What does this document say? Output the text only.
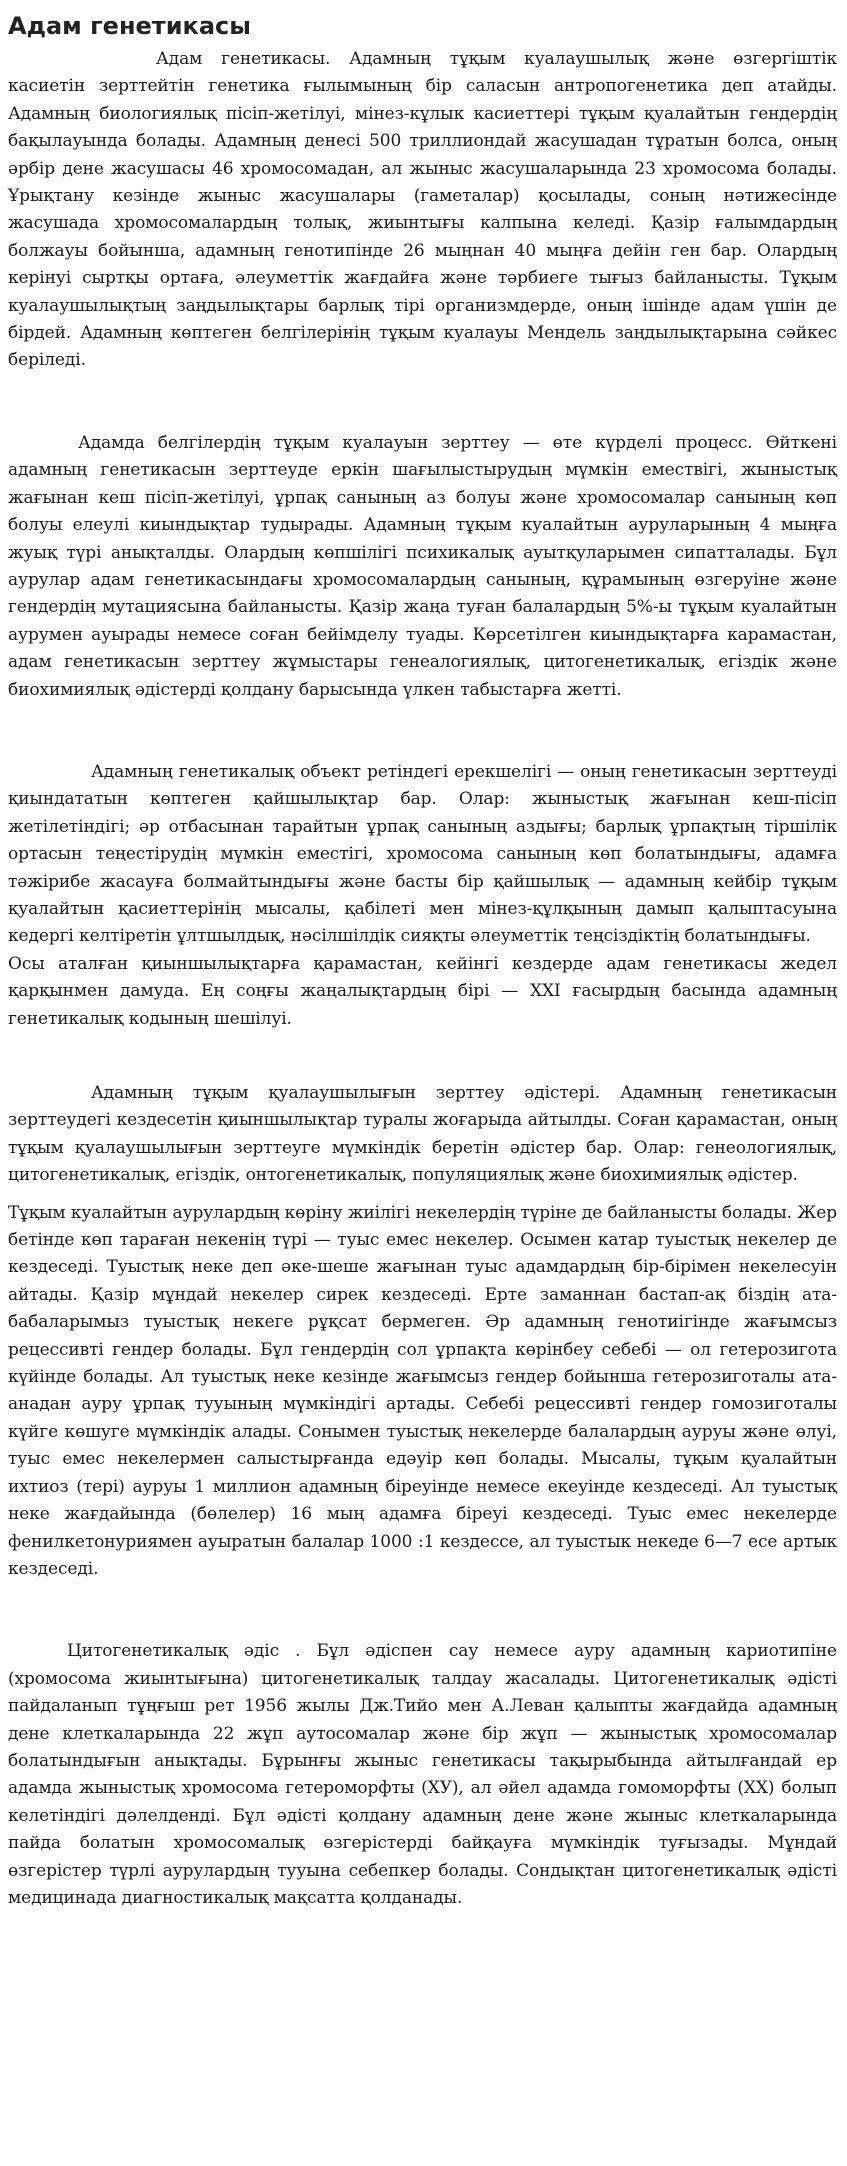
Адам генетикасы

Адам генетикасы. Адамның тұқым куалаушылық және өзгергіштік касиетін зерттейтін генетика ғылымының бір саласын антропогенетика деп атайды. Адамның биологиялық пісіп-жетілуі, мінез-кұлык касиеттері тұқым қуалайтын гендердің бақылауында болады. Адамның денесі 500 триллиондай жасушадан тұратын болса, оның әрбір дене жасушасы 46 хромосомадан, ал жыныс жасушаларында 23 хромосома болады. Ұрықтану кезінде жыныс жасушалары (гаметалар) қосылады, соның нәтижесінде жасушада хромосомалардың толық, жиынтығы калпына келеді. Қазір ғалымдардың болжауы бойынша, адамның генотипінде 26 мыңнан 40 мыңға дейін ген бар. Олардың керінуі сыртқы ортаға, әлеуметтік жағдайға және тәрбиеге тығыз байланысты. Тұқым куалаушылықтың заңдылықтары барлық тірі организмдерде, оның ішінде адам үшін де бірдей. Адамның көптеген белгілерінің тұқым куалауы Мендель заңдылықтарына сәйкес беріледі.

Адамда белгілердің тұқым куалауын зерттеу — өте күрделі процесс. Өйткені адамның генетикасын зерттеуде еркін шағылыстырудың мүмкін емествігі, жыныстық жағынан кеш пісіп-жетілуі, ұрпақ санының аз болуы және хромосомалар санының көп болуы елеулі киындықтар тудырады. Адамның тұқым куалайтын ауруларының 4 мыңға жуық түрі анықталды. Олардың көпшілігі психикалық ауытқуларымен сипатталады. Бұл аурулар адам генетикасындағы хромосомалардың санының, құрамының өзгеруіне және гендердің мутациясына байланысты. Қазір жаңа туған балалардың 5%-ы тұқым куалайтын аурумен ауырады немесе соған бейімделу туады. Көрсетілген киындықтарға карамастан, адам генетикасын зерттеу жұмыстары генеалогиялық, цитогенетикалық, егіздік және биохимиялық әдістерді қолдану барысында үлкен табыстарға жетті.

Адамның генетикалық объект ретіндегі ерекшелігі — оның генетикасын зерттеуді қиындататын көптеген қайшылықтар бар. Олар: жыныстық жағынан кеш-пісіп жетілетіндігі; әр отбасынан тарайтын ұрпақ санының аздығы; барлық ұрпақтың тіршілік ортасын теңестірудің мүмкін еместігі, хромосома санының көп болатындығы, адамға тәжірибе жасауға болмайтындығы және басты бір қайшылық — адамның кейбір тұқым қуалайтын қасиеттерінің мысалы, қабілеті мен мінез-құлқының дамып қалыптасуына кедергі келтіретін ұлтшылдық, нәсілшілдік сияқты әлеуметтік теңсіздіктің болатындығы.

Осы аталған қиыншылықтарға қарамастан, кейінгі кездерде адам генетикасы жедел қарқынмен дамуда. Ең соңғы жаңалықтардың бірі — XXI ғасырдың басында адамның генетикалық кодының шешілуі.

Адамның тұқым қуалаушылығын зерттеу әдістері. Адамның генетикасын зерттеудегі кездесетін қиыншылықтар туралы жоғарыда айтылды. Соған қарамастан, оның тұқым қуалаушылығын зерттеуге мүмкіндік беретін әдістер бар. Олар: генеологиялық, цитогенетикалық, егіздік, онтогенетикалық, популяциялық және биохимиялық әдістер.

Тұқым куалайтын аурулардың көріну жиілігі некелердің түріне де байланысты болады. Жер бетінде көп тараған некенің түрі — туыс емес некелер. Осымен катар туыстық некелер де кездеседі. Туыстық неке деп әке-шеше жағынан туыс адамдардың бір-бірімен некелесуін айтады. Қазір мұндай некелер сирек кездеседі. Ерте заманнан бастап-ақ біздің ата-бабаларымыз туыстық некеге рұқсат бермеген. Әр адамның генотиігінде жағымсыз рецессивті гендер болады. Бұл гендердің сол ұрпақта көрінбеу себебі — ол гетерозигота күйінде болады. Ал туыстық неке кезінде жағымсыз гендер бойынша гетерозиготалы ата-анадан ауру ұрпақ тууының мүмкіндігі артады. Себебі рецессивті гендер гомозиготалы күйге көшуге мүмкіндік алады. Сонымен туыстық некелерде балалардың ауруы және өлуі, туыс емес некелермен салыстырғанда едәуір көп болады. Мысалы, тұқым қуалайтын ихтиоз (тері) ауруы 1 миллион адамның біреуінде немесе екеуінде кездеседі. Ал туыстық неке жағдайында (бөлелер) 16 мың адамға біреуі кездеседі. Туыс емес некелерде фенилкетонуриямен ауыратын балалар 1000 :1 кездессе, ал туыстык некеде 6—7 есе артык кездеседі.

Цитогенетикалық әдіс . Бұл әдіспен сау немесе ауру адамның кариотипіне (хромосома жиынтығына) цитогенетикалық талдау жасалады. Цитогенетикалық әдісті пайдаланып тұңғыш рет 1956 жылы Дж.Тийо мен А.Леван қалыпты жағдайда адамның дене клеткаларында 22 жұп аутосомалар және бір жұп — жыныстық хромосомалар болатындығын анықтады. Бұрынғы жыныс генетикасы тақырыбында айтылғандай ер адамда жыныстық хромосома гетероморфты (ХУ), ал әйел адамда гомоморфты (XX) болып келетіндігі дәлелденді. Бұл әдісті қолдану адамның дене және жыныс клеткаларында пайда болатын хромосомалық өзгерістерді байқауға мүмкіндік туғызады. Мұндай өзгерістер түрлі аурулардың тууына себепкер болады. Сондықтан цитогенетикалық әдісті медицинада диагностикалық мақсатта қолданады.
